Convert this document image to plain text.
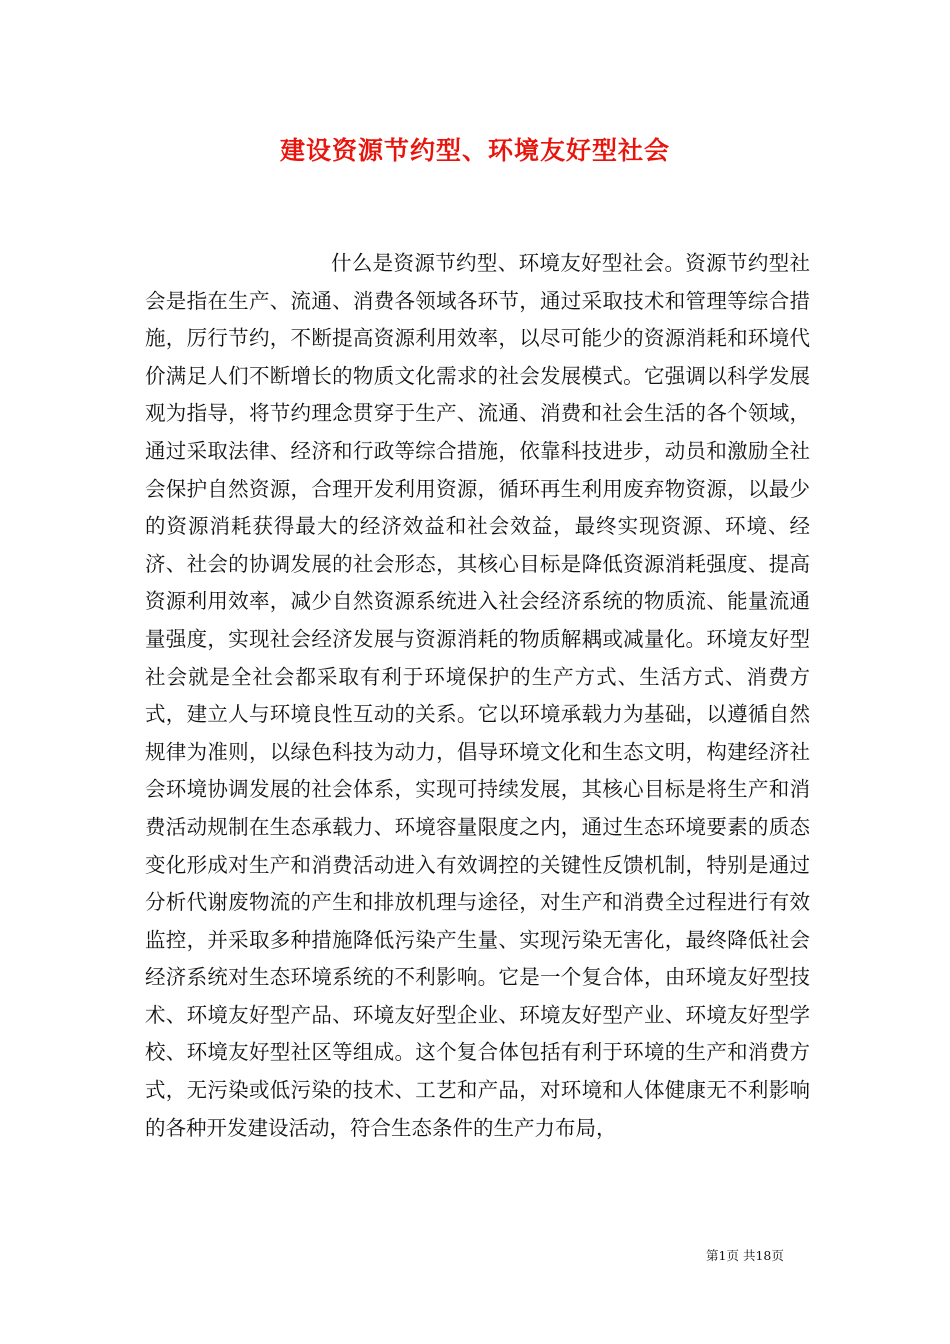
建设资源节约型、环境友好型社会

什么是资源节约型、环境友好型社会。资源节约型社会是指在生产、流通、消费各领域各环节，通过采取技术和管理等综合措施，厉行节约，不断提高资源利用效率，以尽可能少的资源消耗和环境代价满足人们不断增长的物质文化需求的社会发展模式。它强调以科学发展观为指导，将节约理念贯穿于生产、流通、消费和社会生活的各个领域，通过采取法律、经济和行政等综合措施，依靠科技进步，动员和激励全社会保护自然资源，合理开发利用资源，循环再生利用废弃物资源，以最少的资源消耗获得最大的经济效益和社会效益，最终实现资源、环境、经济、社会的协调发展的社会形态，其核心目标是降低资源消耗强度、提高资源利用效率，减少自然资源系统进入社会经济系统的物质流、能量流通量强度，实现社会经济发展与资源消耗的物质解耦或减量化。环境友好型社会就是全社会都采取有利于环境保护的生产方式、生活方式、消费方式，建立人与环境良性互动的关系。它以环境承载力为基础，以遵循自然规律为准则，以绿色科技为动力，倡导环境文化和生态文明，构建经济社会环境协调发展的社会体系，实现可持续发展，其核心目标是将生产和消费活动规制在生态承载力、环境容量限度之内，通过生态环境要素的质态变化形成对生产和消费活动进入有效调控的关键性反馈机制，特别是通过分析代谢废物流的产生和排放机理与途径，对生产和消费全过程进行有效监控，并采取多种措施降低污染产生量、实现污染无害化，最终降低社会经济系统对生态环境系统的不利影响。它是一个复合体，由环境友好型技术、环境友好型产品、环境友好型企业、环境友好型产业、环境友好型学校、环境友好型社区等组成。这个复合体包括有利于环境的生产和消费方式，无污染或低污染的技术、工艺和产品，对环境和人体健康无不利影响的各种开发建设活动，符合生态条件的生产力布局，

第1页 共18页
